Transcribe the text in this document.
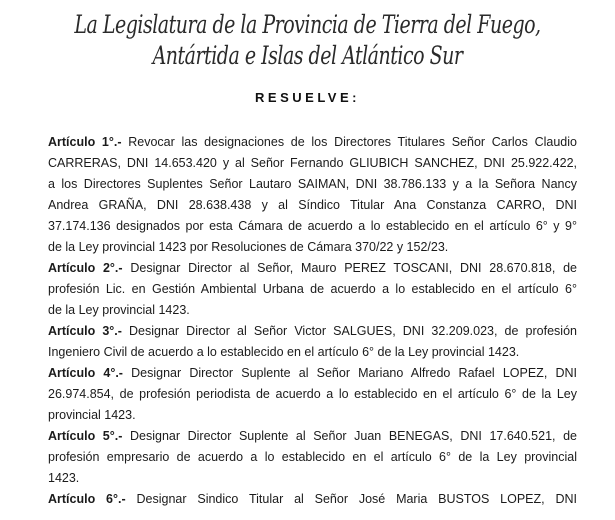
La Legislatura de la Provincia de Tierra del Fuego,
Antártida e Islas del Atlántico Sur
RESUELVE:
Artículo 1°.- Revocar las designaciones de los Directores Titulares Señor Carlos Claudio
CARRERAS, DNI 14.653.420 y al Señor Fernando GLIUBICH SANCHEZ, DNI 25.922.422,
a los Directores Suplentes Señor Lautaro SAIMAN, DNI 38.786.133 y a la Señora Nancy
Andrea GRAÑA, DNI 28.638.438 y al Síndico Titular Ana Constanza CARRO, DNI
37.174.136 designados por esta Cámara de acuerdo a lo establecido en el artículo 6° y 9°
de la Ley provincial 1423 por Resoluciones de Cámara 370/22 y 152/23.
Artículo 2°.- Designar Director al Señor, Mauro PEREZ TOSCANI, DNI 28.670.818, de
profesión Lic. en Gestión Ambiental Urbana de acuerdo a lo establecido en el artículo 6°
de la Ley provincial 1423.
Artículo 3°.- Designar Director al Señor Victor SALGUES, DNI 32.209.023, de profesión
Ingeniero Civil de acuerdo a lo establecido en el artículo 6° de la Ley provincial 1423.
Artículo 4°.- Designar Director Suplente al Señor Mariano Alfredo Rafael LOPEZ, DNI
26.974.854, de profesión periodista de acuerdo a lo establecido en el artículo 6° de la Ley
provincial 1423.
Artículo 5°.- Designar Director Suplente al Señor Juan BENEGAS, DNI 17.640.521, de
profesión empresario de acuerdo a lo establecido en el artículo 6° de la Ley provincial
1423.
Artículo 6°.- Designar Sindico Titular al Señor José Maria BUSTOS LOPEZ, DNI
